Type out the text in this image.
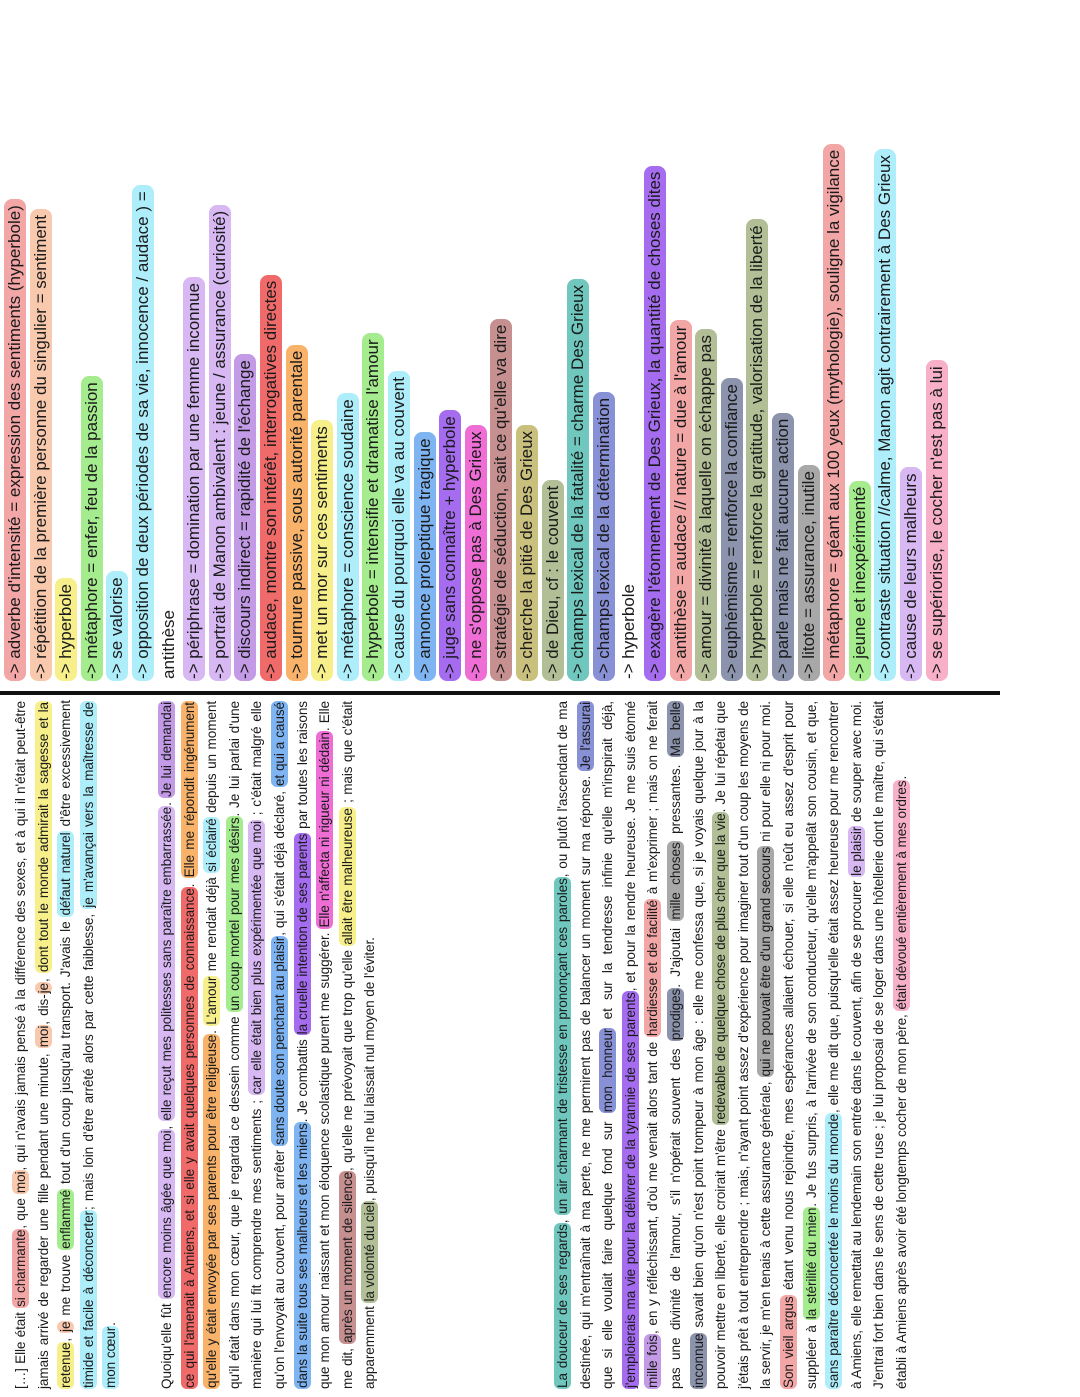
[…] Elle était si charmante, que moi, qui n'avais jamais pensé à la différence des sexes, et à qui il n'était peut-être jamais arrivé de regarder une fille pendant une minute, moi, dis-je, dont tout le monde admirait la sagesse et la retenue, je me trouve enflammé tout d'un coup jusqu'au transport. J'avais le défaut naturel d'être excessivement timide et facile à déconcerter; mais loin d'être arrêté alors par cette faiblesse, je m'avançai vers la maîtresse de mon cœur.	Quoiqu'elle fût encore moins âgée que moi, elle reçut mes politesses sans paraître embarrassée. Je lui demandai ce qui l'amenait à Amiens, et si elle y avait quelques personnes de connaissance. Elle me répondit ingénument qu'elle y était envoyée par ses parents pour être religieuse. L'amour me rendait déjà si éclairé depuis un moment qu'il était dans mon cœur, que je regardai ce dessein comme un coup mortel pour mes désirs. Je lui parlai d'une manière qui lui fit comprendre mes sentiments ; car elle était bien plus expérimentée que moi ; c'était malgré elle qu'on l'envoyait au couvent, pour arrêter sans doute son penchant au plaisir, qui s'était déjà déclaré, et qui a causé dans la suite tous ses malheurs et les miens. Je combattis la cruelle intention de ses parents par toutes les raisons que mon amour naissant et mon éloquence scolastique purent me suggérer. Elle n'affecta ni rigueur ni dédain. Elle me dit, après un moment de silence, qu'elle ne prévoyait que trop qu'elle allait être malheureuse ; mais que c'était apparemment la volonté du ciel, puisqu'il ne lui laissait nul moyen de l'éviter.

La douceur de ses regards, un air charmant de tristesse en prononçant ces paroles, ou plutôt l'ascendant de ma destinée, qui m'entraînait à ma perte, ne me permirent pas de balancer un moment sur ma réponse. Je l'assurai que si elle voulait faire quelque fond sur mon honneur et sur la tendresse infinie qu'elle m'inspirait déjà, j'emploierais ma vie pour la délivrer de la tyrannie de ses parents, et pour la rendre heureuse. Je me suis étonné mille fois, en y réfléchissant, d'où me venait alors tant de hardiesse et de facilité à m'exprimer ; mais on ne ferait pas une divinité de l'amour, s'il n'opérait souvent des prodiges. J'ajoutai mille choses pressantes. Ma belle inconnue savait bien qu'on n'est point trompeur à mon âge : elle me confessa que, si je voyais quelque jour à la pouvoir mettre en liberté, elle croirait m'être redevable de quelque chose de plus cher que la vie. Je lui répétai que j'étais prêt à tout entreprendre ; mais, n'ayant point assez d'expérience pour imaginer tout d'un coup les moyens de la servir, je m'en tenais à cette assurance générale, qui ne pouvait être d'un grand secours ni pour elle ni pour moi. Son vieil argus étant venu nous rejoindre, mes espérances allaient échouer, si elle n'eût eu assez d'esprit pour suppléer à la stérilité du mien. Je fus surpris, à l'arrivée de son conducteur, qu'elle m'appelât son cousin, et que, sans paraître déconcertée le moins du monde, elle me dit que, puisqu'elle était assez heureuse pour me rencontrer à Amiens, elle remettait au lendemain son entrée dans le couvent, afin de se procurer le plaisir de souper avec moi. J'entrai fort bien dans le sens de cette ruse ; je lui proposai de se loger dans une hôtellerie dont le maître, qui s'était établi à Amiens après avoir été longtemps cocher de mon père, était dévoué entièrement à mes ordres.

-> adverbe d'intensité = expression des sentiments (hyperbole) -> répétition de la première personne du singulier = sentiment -> hyperbole -> métaphore = enfer, feu de la passion -> se valorise -> opposition de deux périodes de sa vie, innocence / audace ) = antithèse -> périphrase = domination par une femme inconnue -> portrait de Manon ambivalent : jeune / assurance (curiosité) -> discours indirect = rapidité de l'échange -> audace, montre son intérêt, interrogatives directes -> tournure passive, sous autorité parentale -> met un mor sur ces sentiments -> métaphore = conscience soudaine -> hyperbole = intensifie et dramatise l'amour -> cause du pourquoi elle va au couvent -> annonce proleptique tragique -> juge sans connaître + hyperbole -> ne s'oppose pas à Des Grieux -> stratégie de séduction, sait ce qu'elle va dire -> cherche la pitié de Des Grieux -> de Dieu, cf : le couvent -> champs lexical de la fatalité = charme Des Grieux -> champs lexical de la détermination -> hyperbole -> exagère l'étonnement de Des Grieux, la quantité de choses dites -> antithèse = audace // nature = due à l'amour -> amour = divinité à laquelle on échappe pas -> euphémisme = renforce la confiance -> hyperbole = renforce la gratitude, valorisation de la liberté -> parle mais ne fait aucune action -> litote = assurance, inutile -> métaphore = géant aux 100 yeux (mythologie), souligne la vigilance -> jeune et inexpérimenté -> contraste situation //calme, Manon agit contrairement à Des Grieux -> cause de leurs malheurs -> se supériorise, le cocher n'est pas à lui
